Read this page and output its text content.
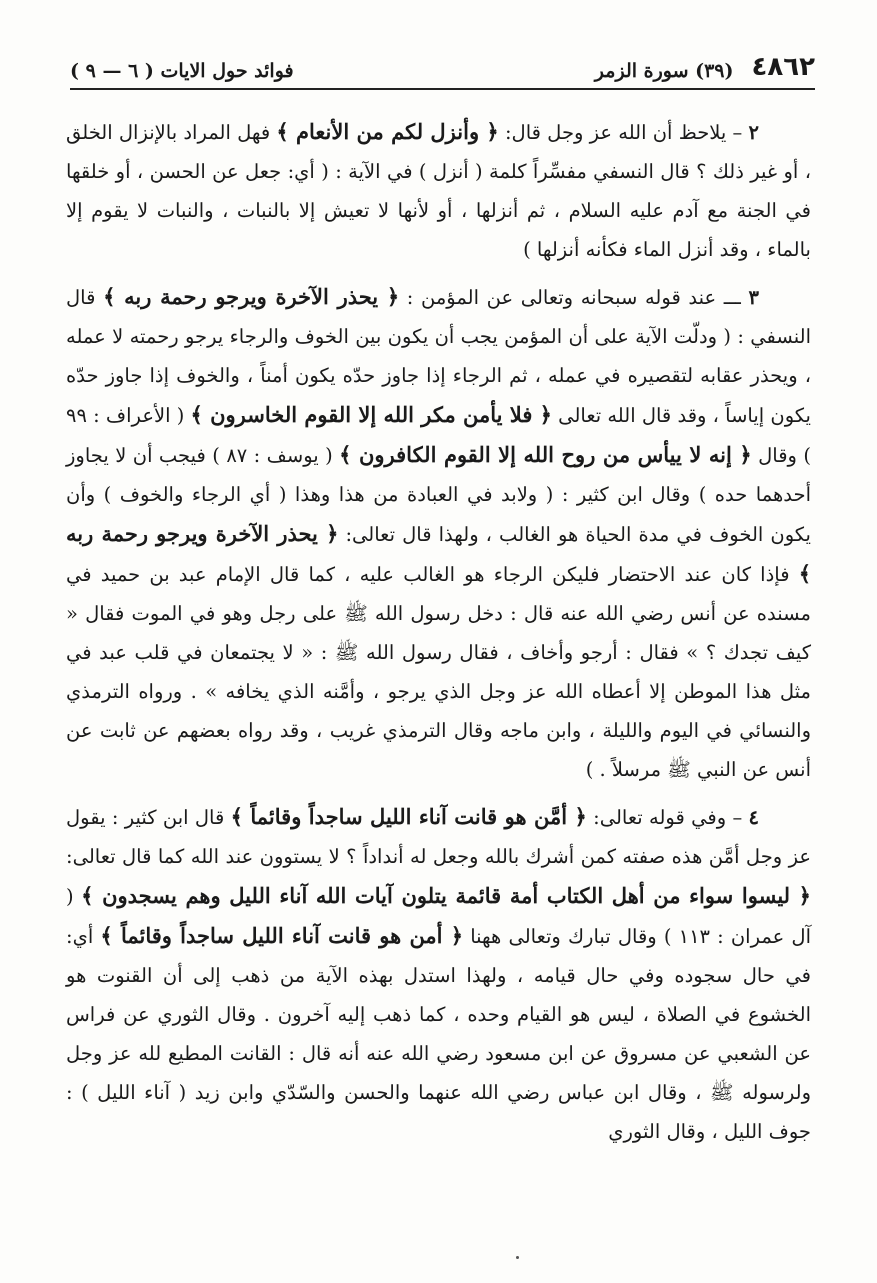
٤٨٦٢
(٣٩) سورة الزمر
فوائد حول الايات ( ٦ — ٩ )

٢ – يلاحظ أن الله عز وجل قال: ﴿ وأنزل لكم من الأنعام ﴾ فهل المراد بالإنزال الخلق ، أو غير ذلك ؟ قال النسفي مفسِّراً كلمة ( أنزل ) في الآية : ( أي: جعل عن الحسن ، أو خلقها في الجنة مع آدم عليه السلام ، ثم أنزلها ، أو لأنها لا تعيش إلا بالنبات ، والنبات لا يقوم إلا بالماء ، وقد أنزل الماء فكأنه أنزلها )

٣ ـــ عند قوله سبحانه وتعالى عن المؤمن : ﴿ يحذر الآخرة ويرجو رحمة ربه ﴾ قال النسفي : ( ودلّت الآية على أن المؤمن يجب أن يكون بين الخوف والرجاء يرجو رحمته لا عمله ، ويحذر عقابه لتقصيره في عمله ، ثم الرجاء إذا جاوز حدّه يكون أمناً ، والخوف إذا جاوز حدّه يكون إياساً ، وقد قال الله تعالى ﴿ فلا يأمن مكر الله إلا القوم الخاسرون ﴾ ( الأعراف : ٩٩ ) وقال ﴿ إنه لا ييأس من روح الله إلا القوم الكافرون ﴾ ( يوسف : ٨٧ ) فيجب أن لا يجاوز أحدهما حده ) وقال ابن كثير : ( ولابد في العبادة من هذا وهذا ( أي الرجاء والخوف ) وأن يكون الخوف في مدة الحياة هو الغالب ، ولهذا قال تعالى: ﴿ يحذر الآخرة ويرجو رحمة ربه ﴾ فإذا كان عند الاحتضار فليكن الرجاء هو الغالب عليه ، كما قال الإمام عبد بن حميد في مسنده عن أنس رضي الله عنه قال : دخل رسول الله ﷺ على رجل وهو في الموت فقال « كيف تجدك ؟ » فقال : أرجو وأخاف ، فقال رسول الله ﷺ : « لا يجتمعان في قلب عبد في مثل هذا الموطن إلا أعطاه الله عز وجل الذي يرجو ، وأمَّنه الذي يخافه » . ورواه الترمذي والنسائي في اليوم والليلة ، وابن ماجه وقال الترمذي غريب ، وقد رواه بعضهم عن ثابت عن أنس عن النبي ﷺ مرسلاً . )

٤ – وفي قوله تعالى: ﴿ أمَّن هو قانت آناء الليل ساجداً وقائماً ﴾ قال ابن كثير : يقول عز وجل أمَّن هذه صفته كمن أشرك بالله وجعل له أنداداً ؟ لا يستوون عند الله كما قال تعالى: ﴿ ليسوا سواء من أهل الكتاب أمة قائمة يتلون آيات الله آناء الليل وهم يسجدون ﴾ ( آل عمران : ١١٣ ) وقال تبارك وتعالى ههنا ﴿ أمن هو قانت آناء الليل ساجداً وقائماً ﴾ أي: في حال سجوده وفي حال قيامه ، ولهذا استدل بهذه الآية من ذهب إلى أن القنوت هو الخشوع في الصلاة ، ليس هو القيام وحده ، كما ذهب إليه آخرون . وقال الثوري عن فراس عن الشعبي عن مسروق عن ابن مسعود رضي الله عنه أنه قال : القانت المطيع لله عز وجل ولرسوله ﷺ ، وقال ابن عباس رضي الله عنهما والحسن والسّدّي وابن زيد ( آناء الليل ) : جوف الليل ، وقال الثوري
